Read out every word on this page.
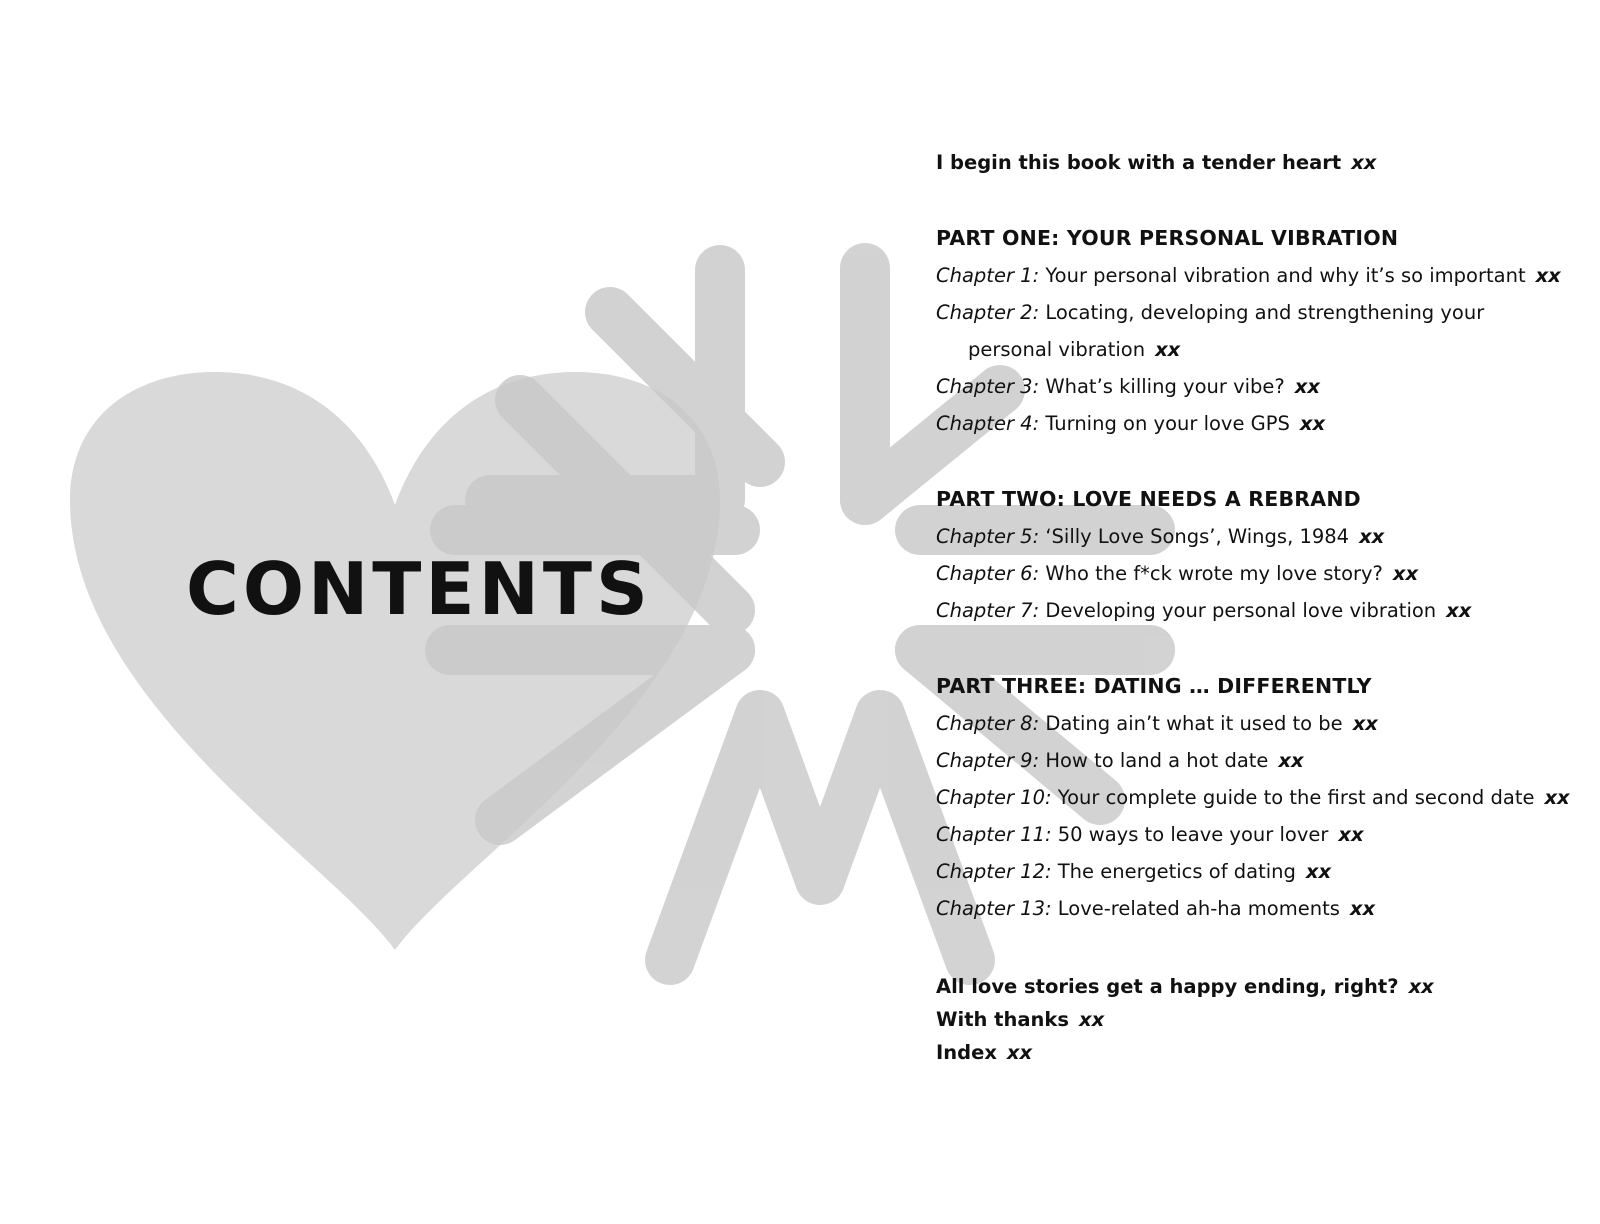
CONTENTS
I begin this book with a tender heart xx
PART ONE: YOUR PERSONAL VIBRATION
Chapter 1: Your personal vibration and why it’s so important xx
Chapter 2: Locating, developing and strengthening your
personal vibration xx
Chapter 3: What’s killing your vibe? xx
Chapter 4: Turning on your love GPS xx
PART TWO: LOVE NEEDS A REBRAND
Chapter 5: ‘Silly Love Songs’, Wings, 1984 xx
Chapter 6: Who the f*ck wrote my love story? xx
Chapter 7: Developing your personal love vibration xx
PART THREE: DATING … DIFFERENTLY
Chapter 8: Dating ain’t what it used to be xx
Chapter 9: How to land a hot date xx
Chapter 10: Your complete guide to the first and second date xx
Chapter 11: 50 ways to leave your lover xx
Chapter 12: The energetics of dating xx
Chapter 13: Love-related ah-ha moments xx
All love stories get a happy ending, right? xx
With thanks xx
Index xx
